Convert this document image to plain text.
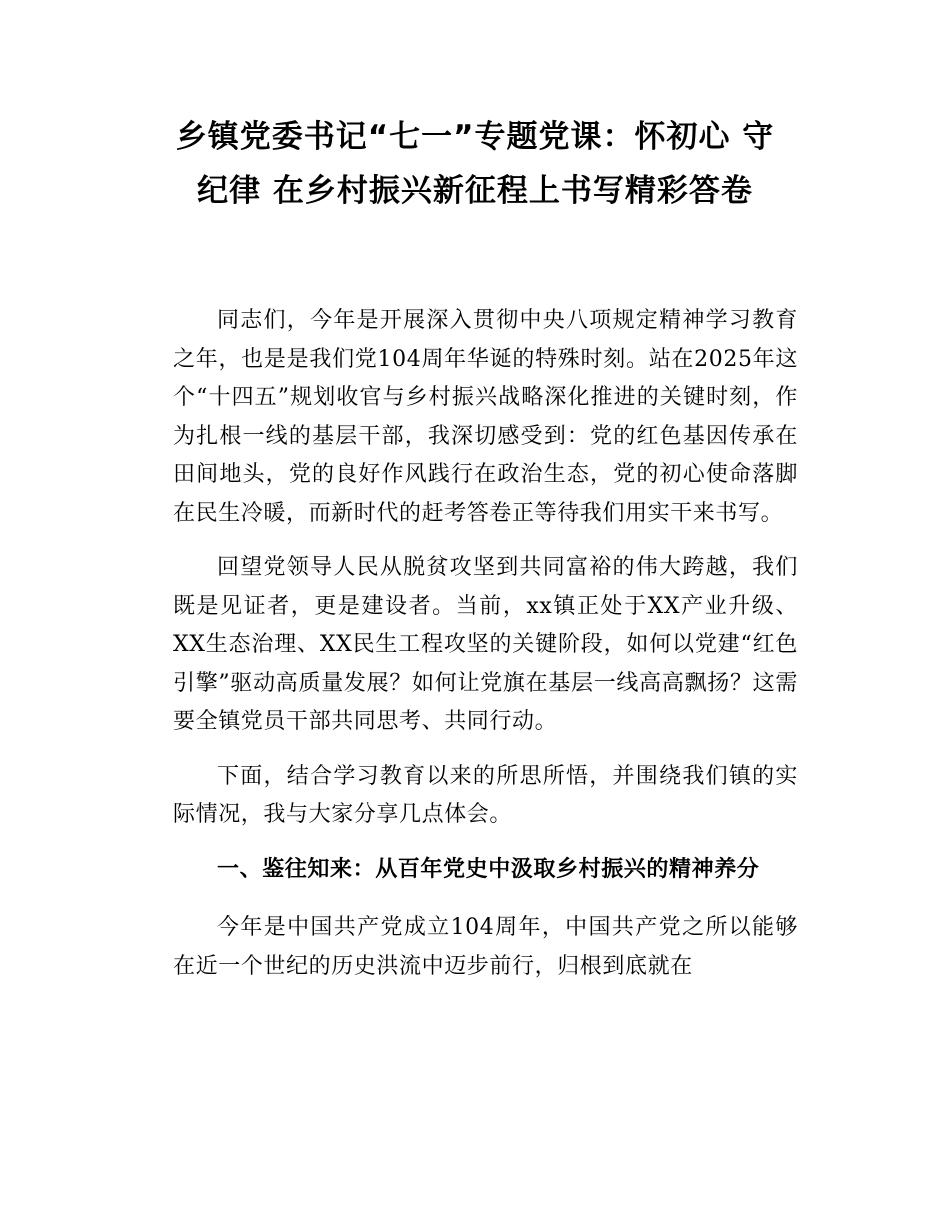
乡镇党委书记“七一”专题党课：怀初心 守
纪律 在乡村振兴新征程上书写精彩答卷

同志们，今年是开展深入贯彻中央八项规定精神学习教育之年，也是是我们党104周年华诞的特殊时刻。站在2025年这个“十四五”规划收官与乡村振兴战略深化推进的关键时刻，作为扎根一线的基层干部，我深切感受到：党的红色基因传承在田间地头，党的良好作风践行在政治生态，党的初心使命落脚在民生冷暖，而新时代的赶考答卷正等待我们用实干来书写。

回望党领导人民从脱贫攻坚到共同富裕的伟大跨越，我们既是见证者，更是建设者。当前，xx镇正处于XX产业升级、XX生态治理、XX民生工程攻坚的关键阶段，如何以党建“红色引擎”驱动高质量发展？如何让党旗在基层一线高高飘扬？这需要全镇党员干部共同思考、共同行动。

下面，结合学习教育以来的所思所悟，并围绕我们镇的实际情况，我与大家分享几点体会。

一、鉴往知来：从百年党史中汲取乡村振兴的精神养分

今年是中国共产党成立104周年，中国共产党之所以能够在近一个世纪的历史洪流中迈步前行，归根到底就在
